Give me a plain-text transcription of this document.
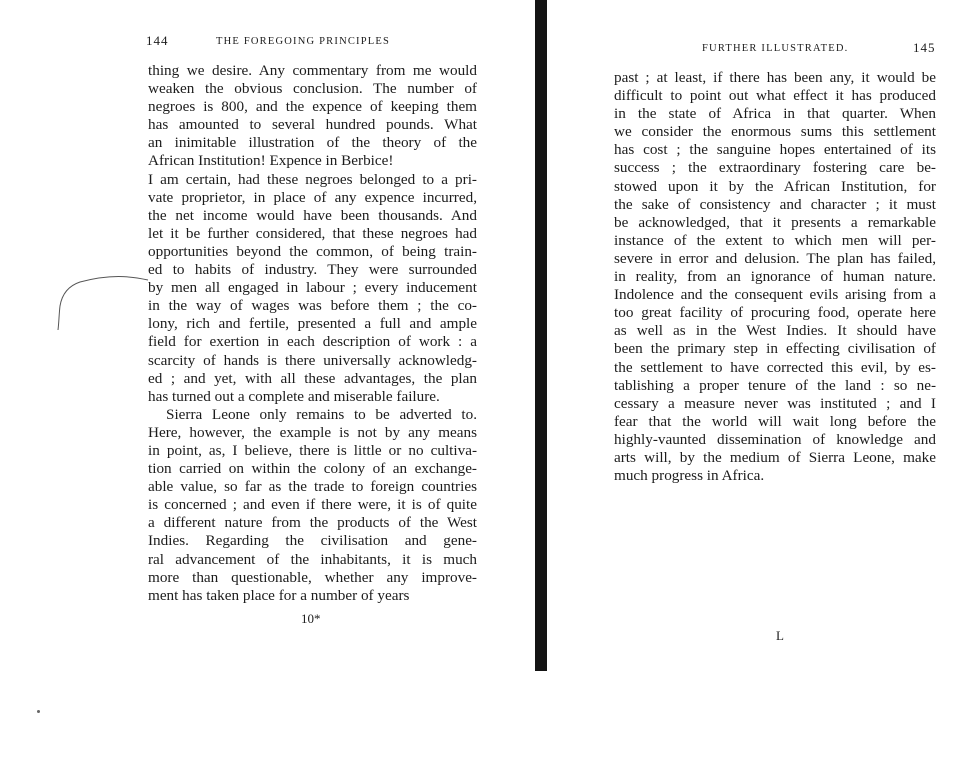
144	THE FOREGOING PRINCIPLES
thing we desire. Any commentary from me would
weaken the obvious conclusion. The number of
negroes is 800, and the expence of keeping them
has amounted to several hundred pounds. What
an inimitable illustration of the theory of the
African Institution! Expence in Berbice!
I am certain, had these negroes belonged to a pri-
vate proprietor, in place of any expence incurred,
the net income would have been thousands. And
let it be further considered, that these negroes had
opportunities beyond the common, of being train-
ed to habits of industry. They were surrounded
by men all engaged in labour ; every inducement
in the way of wages was before them ; the co-
lony, rich and fertile, presented a full and ample
field for exertion in each description of work : a
scarcity of hands is there universally acknowledg-
ed ; and yet, with all these advantages, the plan
has turned out a complete and miserable failure.
Sierra Leone only remains to be adverted to.
Here, however, the example is not by any means
in point, as, I believe, there is little or no cultiva-
tion carried on within the colony of an exchange-
able value, so far as the trade to foreign countries
is concerned ; and even if there were, it is of quite
a different nature from the products of the West
Indies. Regarding the civilisation and gene-
ral advancement of the inhabitants, it is much
more than questionable, whether any improve-
ment has taken place for a number of years
10*
FURTHER ILLUSTRATED.	145
past ; at least, if there has been any, it would be
difficult to point out what effect it has produced
in the state of Africa in that quarter. When
we consider the enormous sums this settlement
has cost ; the sanguine hopes entertained of its
success ; the extraordinary fostering care be-
stowed upon it by the African Institution, for
the sake of consistency and character ; it must
be acknowledged, that it presents a remarkable
instance of the extent to which men will per-
severe in error and delusion. The plan has failed,
in reality, from an ignorance of human nature.
Indolence and the consequent evils arising from a
too great facility of procuring food, operate here
as well as in the West Indies. It should have
been the primary step in effecting civilisation of
the settlement to have corrected this evil, by es-
tablishing a proper tenure of the land : so ne-
cessary a measure never was instituted ; and I
fear that the world will wait long before the
highly-vaunted dissemination of knowledge and
arts will, by the medium of Sierra Leone, make
much progress in Africa.
L
